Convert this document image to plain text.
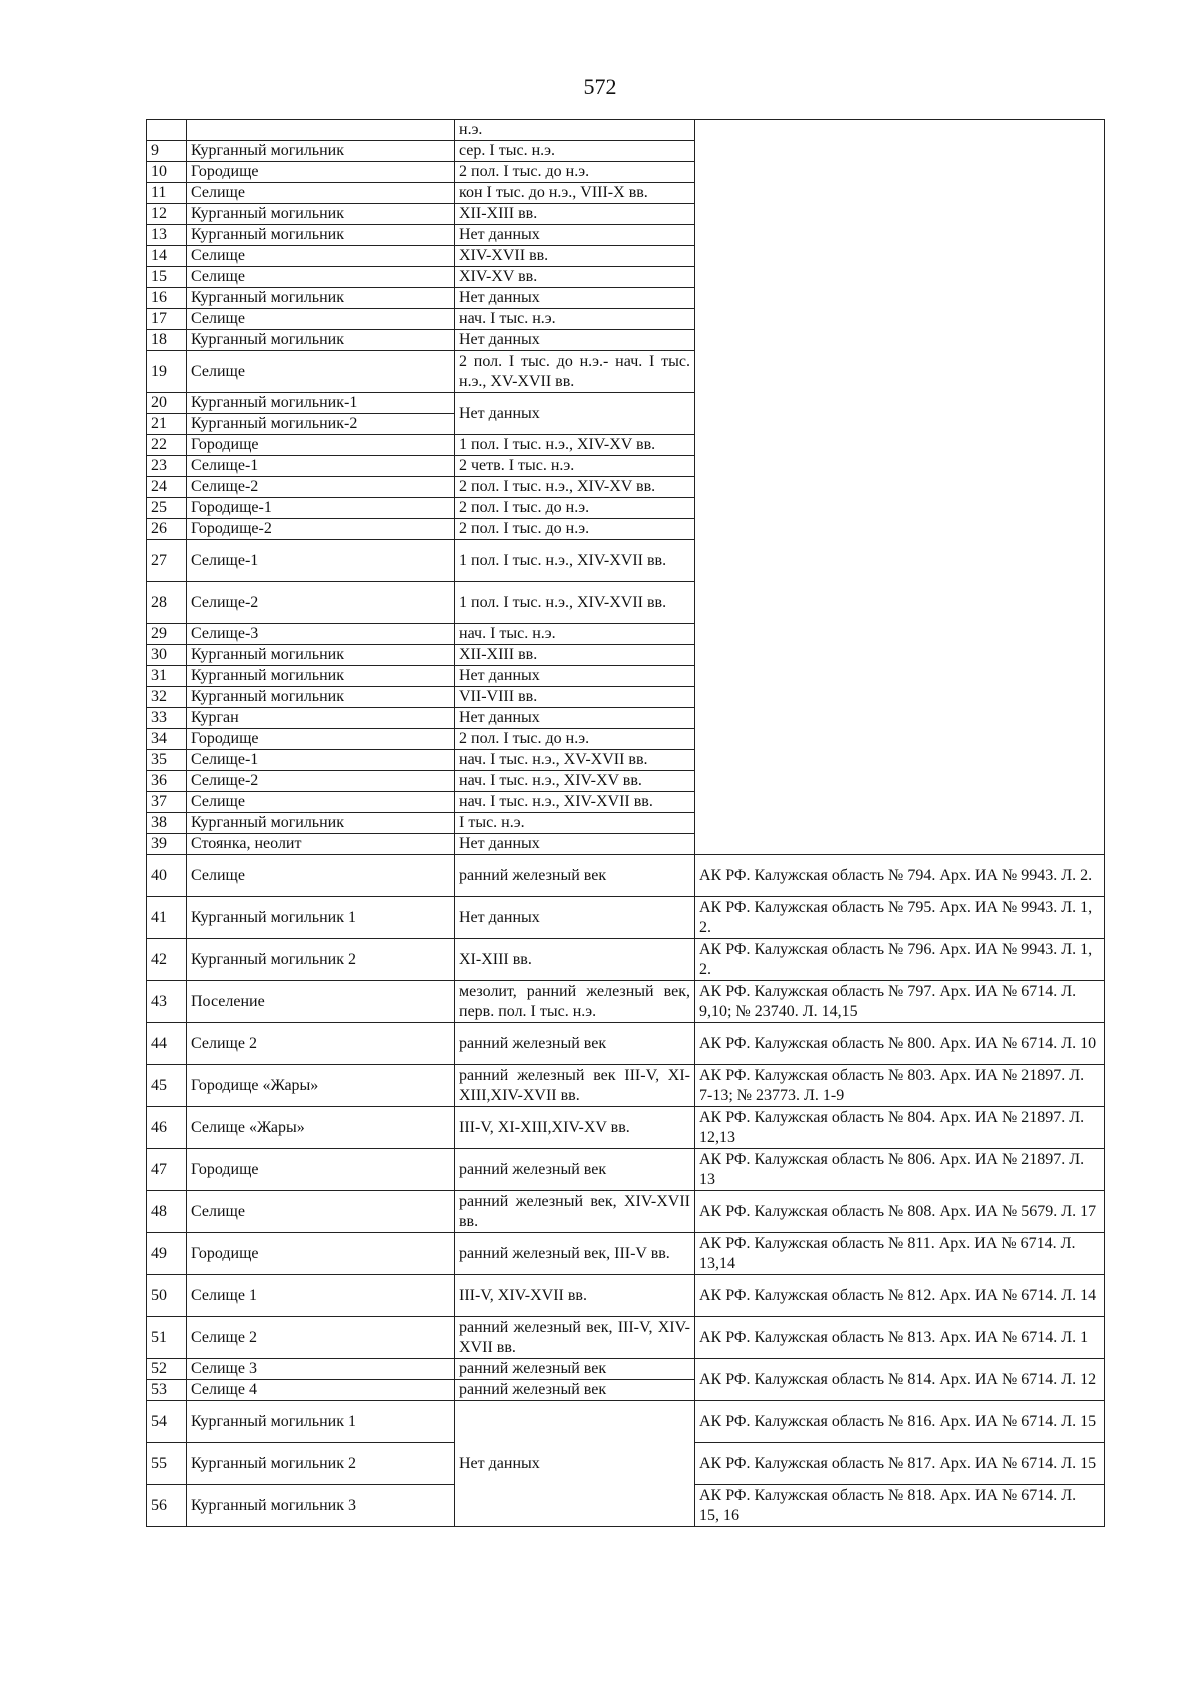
572
		н.э.	
9	Курганный могильник	сер. I тыс. н.э.	
10	Городище	2 пол. I тыс. до н.э.	
11	Селище	кон I тыс. до н.э., VIII-X вв.	
12	Курганный могильник	XII-XIII вв.	
13	Курганный могильник	Нет данных	
14	Селище	XIV-XVII вв.	
15	Селище	XIV-XV вв.	
16	Курганный могильник	Нет данных	
17	Селище	нач. I тыс. н.э.	
18	Курганный могильник	Нет данных	
19	Селище	2 пол. I тыс. до н.э.- нач. I тыс. н.э., XV-XVII вв.	
20	Курганный могильник-1	Нет данных	
21	Курганный могильник-2		
22	Городище	1 пол. I тыс. н.э., XIV-XV вв.	
23	Селище-1	2 четв. I тыс. н.э.	
24	Селище-2	2 пол. I тыс. н.э., XIV-XV вв.	
25	Городище-1	2 пол. I тыс. до н.э.	
26	Городище-2	2 пол. I тыс. до н.э.	
27	Селище-1	1 пол. I тыс. н.э., XIV-XVII вв.	
28	Селище-2	1 пол. I тыс. н.э., XIV-XVII вв.	
29	Селище-3	нач. I тыс. н.э.	
30	Курганный могильник	XII-XIII вв.	
31	Курганный могильник	Нет данных	
32	Курганный могильник	VII-VIII вв.	
33	Курган	Нет данных	
34	Городище	2 пол. I тыс. до н.э.	
35	Селище-1	нач. I тыс. н.э., XV-XVII вв.	
36	Селище-2	нач. I тыс. н.э., XIV-XV вв.	
37	Селище	нач. I тыс. н.э., XIV-XVII вв.	
38	Курганный могильник	I тыс. н.э.	
39	Стоянка, неолит	Нет данных	
40	Селище	ранний железный век	АК РФ. Калужская область № 794. Арх. ИА № 9943. Л. 2.
41	Курганный могильник 1	Нет данных	АК РФ. Калужская область № 795. Арх. ИА № 9943. Л. 1, 2.
42	Курганный могильник 2	XI-XIII вв.	АК РФ. Калужская область № 796. Арх. ИА № 9943. Л. 1, 2.
43	Поселение	мезолит, ранний железный век, перв. пол. I тыс. н.э.	АК РФ. Калужская область № 797. Арх. ИА № 6714. Л. 9,10; № 23740. Л. 14,15
44	Селище 2	ранний железный век	АК РФ. Калужская область № 800. Арх. ИА № 6714. Л. 10
45	Городище «Жары»	ранний железный век III-V, XI-XIII,XIV-XVII вв.	АК РФ. Калужская область № 803. Арх. ИА № 21897. Л. 7-13; № 23773. Л. 1-9
46	Селище «Жары»	III-V, XI-XIII,XIV-XV вв.	АК РФ. Калужская область № 804. Арх. ИА № 21897. Л. 12,13
47	Городище	ранний железный век	АК РФ. Калужская область № 806. Арх. ИА № 21897. Л. 13
48	Селище	ранний железный век, XIV-XVII вв.	АК РФ. Калужская область № 808. Арх. ИА № 5679. Л. 17
49	Городище	ранний железный век, III-V вв.	АК РФ. Калужская область № 811. Арх. ИА № 6714. Л. 13,14
50	Селище 1	III-V, XIV-XVII вв.	АК РФ. Калужская область № 812. Арх. ИА № 6714. Л. 14
51	Селище 2	ранний железный век, III-V, XIV-XVII вв.	АК РФ. Калужская область № 813. Арх. ИА № 6714. Л. 1
52	Селище 3	ранний железный век	АК РФ. Калужская область № 814. Арх. ИА № 6714. Л. 12
53	Селище 4	ранний железный век	
54	Курганный могильник 1	Нет данных	АК РФ. Калужская область № 816. Арх. ИА № 6714. Л. 15
55	Курганный могильник 2		АК РФ. Калужская область № 817. Арх. ИА № 6714. Л. 15
56	Курганный могильник 3		АК РФ. Калужская область № 818. Арх. ИА № 6714. Л. 15, 16
